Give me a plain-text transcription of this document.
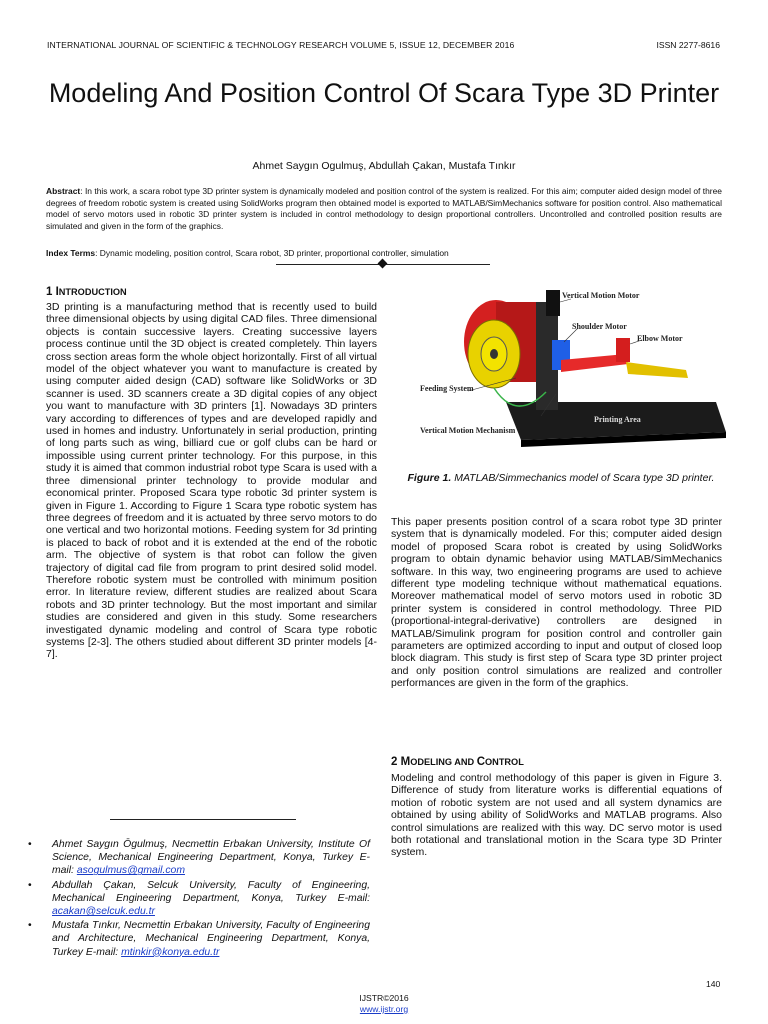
INTERNATIONAL JOURNAL OF SCIENTIFIC & TECHNOLOGY RESEARCH VOLUME 5, ISSUE 12, DECEMBER 2016	ISSN 2277-8616
Modeling And Position Control Of Scara Type 3D Printer
Ahmet Saygın Ogulmuş, Abdullah Çakan, Mustafa Tınkır

Abstract: In this work, a scara robot type 3D printer system is dynamically modeled and position control of the system is realized. For this aim; computer aided design model of three degrees of freedom robotic system is created using SolidWorks program then obtained model is exported to MATLAB/SimMechanics software for position control. Also mathematical model of servo motors used in robotic 3D printer system is included in control methodology to design proportional controllers. Uncontrolled and controlled position results are simulated and given in the form of the graphics.

Index Terms: Dynamic modeling, position control, Scara robot, 3D printer, proportional controller, simulation

1 INTRODUCTION

3D printing is a manufacturing method that is recently used to build three dimensional objects by using digital CAD files. Three dimensional objects is contain successive layers. Creating successive layers process continue until the 3D object is created completely. Thin layers cross section areas form the whole object horizontally. First of all virtual model of the object whatever you want to manufacture is created by using computer aided design (CAD) software like SolidWorks or 3D scanner is used. 3D scanners create a 3D digital copies of any object you want to manufacture with 3D printers [1]. Nowadays 3D printers vary according to differences of types and are developed rapidly and used in homes and industry. Unfortunately in serial production, printing of long parts such as wing, billiard cue or golf clubs can be hard or impossible using current printer technology. For this purpose, in this study it is aimed that common industrial robot type Scara is used with a three dimensional printer technology to provide modular and economical printer. Proposed Scara type robotic 3d printer system is given in Figure 1. According to Figure 1 Scara type robotic system has three degrees of freedom and it is actuated by three servo motors to do one vertical and two horizontal motions. Feeding system for 3d printing is placed to back of robot and it is extended at the end of the robotic arm. The objective of system is that robot can follow the given trajectory of digital cad file from program to print desired solid model. Therefore robotic system must be controlled with minimum position error. In literature review, different studies are realized about Scara robots and 3D printer technology. But the most important and similar studies are considered and given in this study. Some researchers investigated dynamic modeling and control of Scara type robotic systems [2-3]. The others studied about different 3D printer models [4-7].

• Ahmet Saygın Ōgulmuş, Necmettin Erbakan University, Institute Of Science, Mechanical Engineering Department, Konya, Turkey E-mail: asogulmus@gmail.com
• Abdullah Çakan, Selcuk University, Faculty of Engineering, Mechanical Engineering Department, Konya, Turkey E-mail: acakan@selcuk.edu.tr
• Mustafa Tınkır, Necmettin Erbakan University, Faculty of Engineering and Architecture, Mechanical Engineering Department, Konya, Turkey E-mail: mtinkir@konya.edu.tr
Vertical Motion Motor
Shoulder Motor
Elbow Motor
Feeding System
Printing Area
Vertical Motion Mechanism
Figure 1. MATLAB/Simmechanics model of Scara type 3D printer.

This paper presents position control of a scara robot type 3D printer system that is dynamically modeled. For this; computer aided design model of proposed Scara robot is created by using SolidWorks program to obtain dynamic behavior using MATLAB/SimMechanics software. In this way, two engineering programs are used to achieve different type modeling technique without mathematical equations. Moreover mathematical model of servo motors used in robotic 3D printer system is considered in control methodology. Three PID (proportional-integral-derivative) controllers are designed in MATLAB/Simulink program for position control and controller gain parameters are optimized according to input and output of closed loop block diagram. This study is first step of Scara type 3D printer project and only position control simulations are realized and controller performances are given in the form of the graphics.

2 MODELING AND CONTROL

Modeling and control methodology of this paper is given in Figure 3. Difference of study from literature works is differential equations of motion of robotic system are not used and all system dynamics are obtained by using ability of SolidWorks and MATLAB programs. Also control simulations are realized with this way. DC servo motor is used both rotational and translational motion in the Scara type 3D Printer system.

140
IJSTR©2016
www.ijstr.org
